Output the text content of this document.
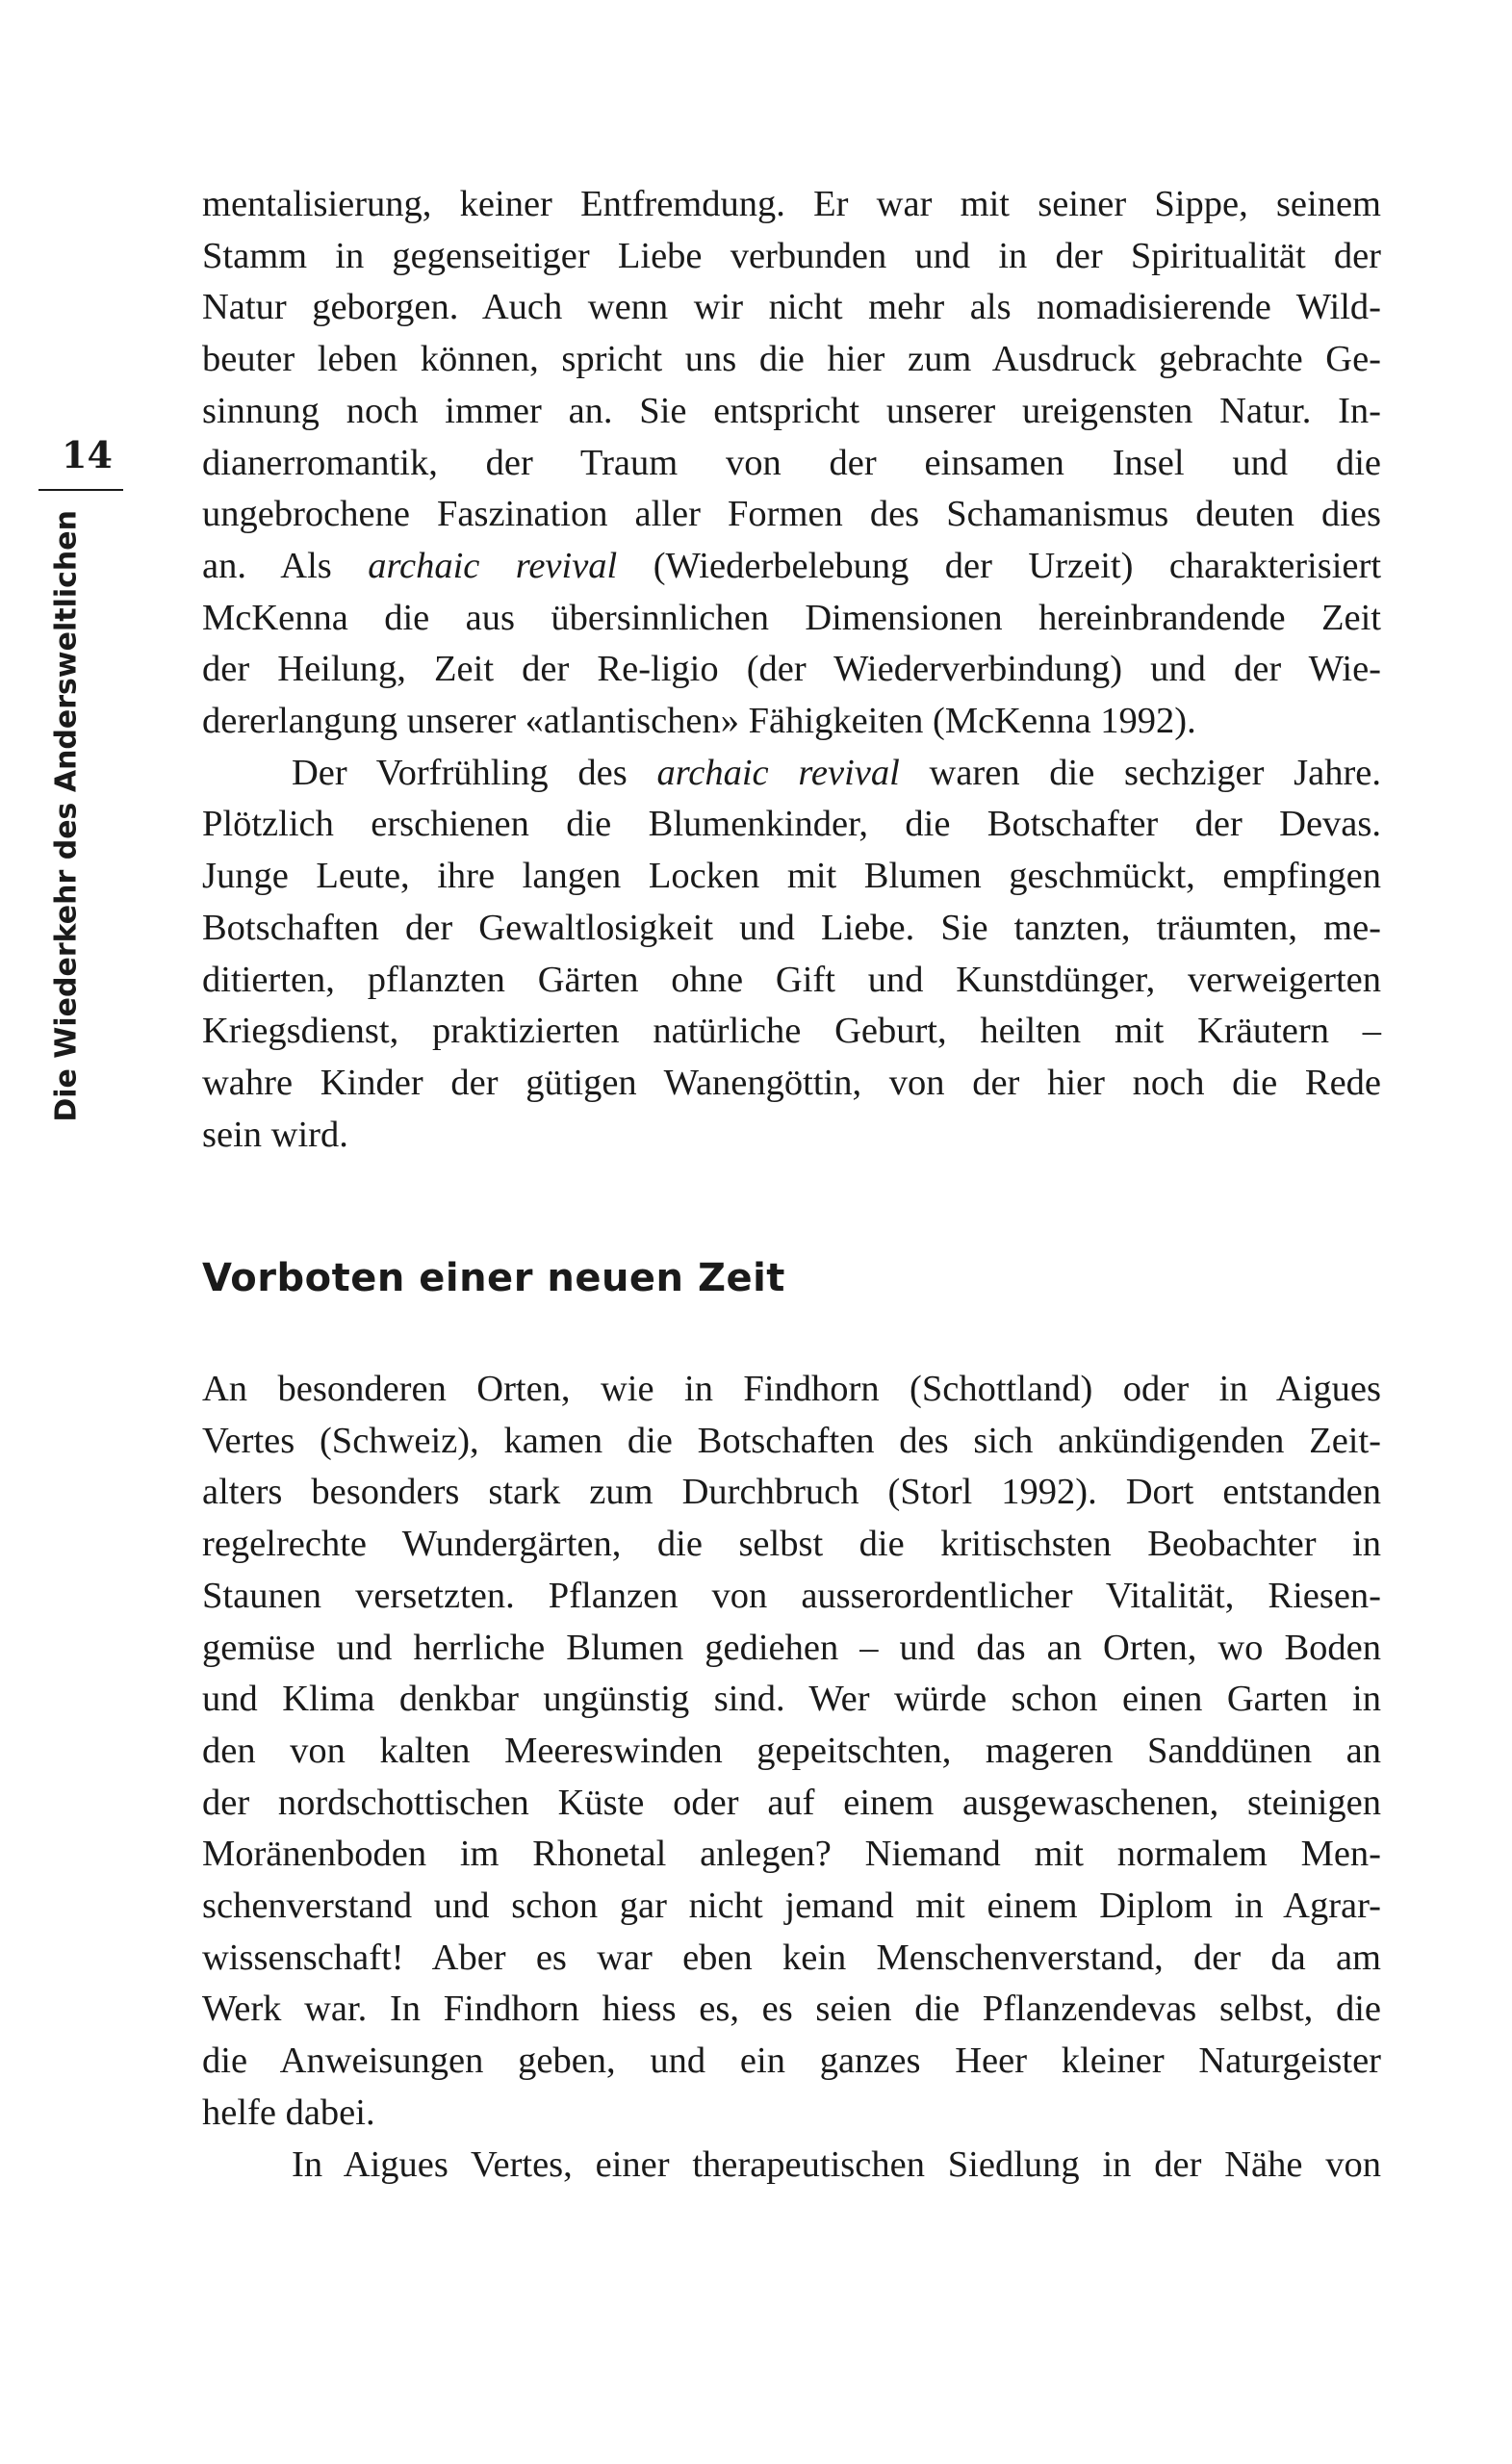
14
Die Wiederkehr des Andersweltlichen

mentalisierung, keiner Entfremdung. Er war mit seiner Sippe, seinem
Stamm in gegenseitiger Liebe verbunden und in der Spiritualität der
Natur geborgen. Auch wenn wir nicht mehr als nomadisierende Wild-
beuter leben können, spricht uns die hier zum Ausdruck gebrachte Ge-
sinnung noch immer an. Sie entspricht unserer ureigensten Natur. In-
dianerromantik, der Traum von der einsamen Insel und die
ungebrochene Faszination aller Formen des Schamanismus deuten dies
an. Als archaic revival (Wiederbelebung der Urzeit) charakterisiert
McKenna die aus übersinnlichen Dimensionen hereinbrandende Zeit
der Heilung, Zeit der Re-ligio (der Wiederverbindung) und der Wie-
dererlangung unserer «atlantischen» Fähigkeiten (McKenna 1992).

Der Vorfrühling des archaic revival waren die sechziger Jahre.

Plötzlich erschienen die Blumenkinder, die Botschafter der Devas.
Junge Leute, ihre langen Locken mit Blumen geschmückt, empfingen
Botschaften der Gewaltlosigkeit und Liebe. Sie tanzten, träumten, me-
ditierten, pflanzten Gärten ohne Gift und Kunstdünger, verweigerten
Kriegsdienst, praktizierten natürliche Geburt, heilten mit Kräutern –
wahre Kinder der gütigen Wanengöttin, von der hier noch die Rede
sein wird.

Vorboten einer neuen Zeit

An besonderen Orten, wie in Findhorn (Schottland) oder in Aigues
Vertes (Schweiz), kamen die Botschaften des sich ankündigenden Zeit-
alters besonders stark zum Durchbruch (Storl 1992). Dort entstanden
regelrechte Wundergärten, die selbst die kritischsten Beobachter in
Staunen versetzten. Pflanzen von ausserordentlicher Vitalität, Riesen-
gemüse und herrliche Blumen gediehen – und das an Orten, wo Boden
und Klima denkbar ungünstig sind. Wer würde schon einen Garten in
den von kalten Meereswinden gepeitschten, mageren Sanddünen an
der nordschottischen Küste oder auf einem ausgewaschenen, steinigen
Moränenboden im Rhonetal anlegen? Niemand mit normalem Men-
schenverstand und schon gar nicht jemand mit einem Diplom in Agrar-
wissenschaft! Aber es war eben kein Menschenverstand, der da am
Werk war. In Findhorn hiess es, es seien die Pflanzendevas selbst, die
die Anweisungen geben, und ein ganzes Heer kleiner Naturgeister
helfe dabei.

In Aigues Vertes, einer therapeutischen Siedlung in der Nähe von
